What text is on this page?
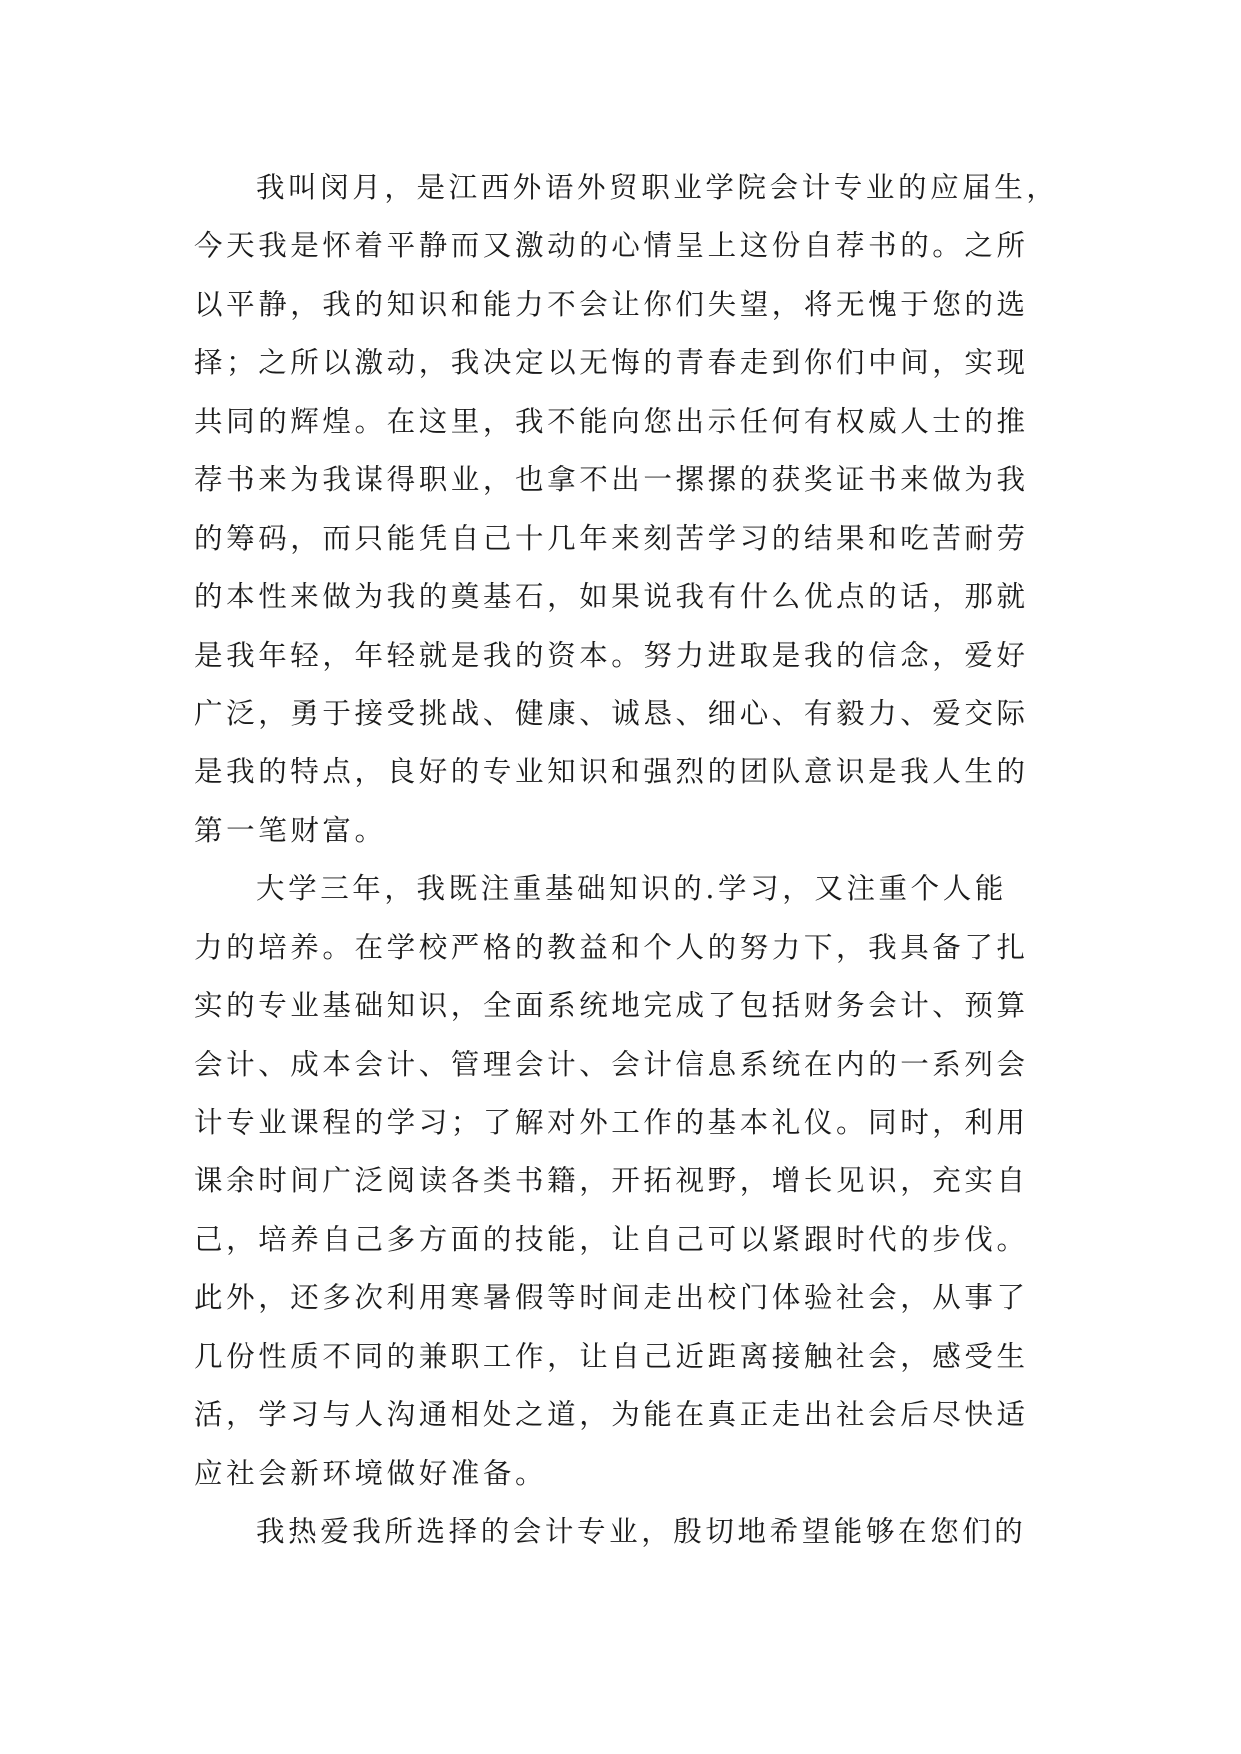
我叫闵月，是江西外语外贸职业学院会计专业的应届生，
今天我是怀着平静而又激动的心情呈上这份自荐书的。之所
以平静，我的知识和能力不会让你们失望，将无愧于您的选
择；之所以激动，我决定以无悔的青春走到你们中间，实现
共同的辉煌。在这里，我不能向您出示任何有权威人士的推
荐书来为我谋得职业，也拿不出一摞摞的获奖证书来做为我
的筹码，而只能凭自己十几年来刻苦学习的结果和吃苦耐劳
的本性来做为我的奠基石，如果说我有什么优点的话，那就
是我年轻，年轻就是我的资本。努力进取是我的信念，爱好
广泛，勇于接受挑战、健康、诚恳、细心、有毅力、爱交际
是我的特点，良好的专业知识和强烈的团队意识是我人生的
第一笔财富。
大学三年，我既注重基础知识的.学习，又注重个人能
力的培养。在学校严格的教益和个人的努力下，我具备了扎
实的专业基础知识，全面系统地完成了包括财务会计、预算
会计、成本会计、管理会计、会计信息系统在内的一系列会
计专业课程的学习；了解对外工作的基本礼仪。同时，利用
课余时间广泛阅读各类书籍，开拓视野，增长见识，充实自
己，培养自己多方面的技能，让自己可以紧跟时代的步伐。
此外，还多次利用寒暑假等时间走出校门体验社会，从事了
几份性质不同的兼职工作，让自己近距离接触社会，感受生
活，学习与人沟通相处之道，为能在真正走出社会后尽快适
应社会新环境做好准备。
我热爱我所选择的会计专业，殷切地希望能够在您们的
